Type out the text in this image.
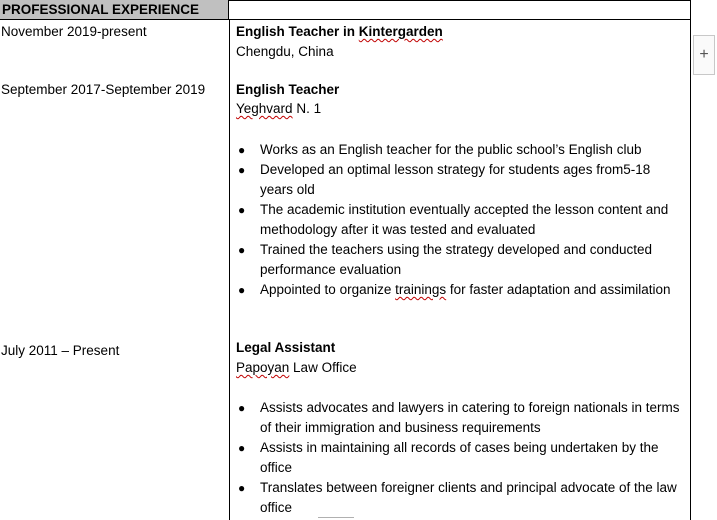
PROFESSIONAL EXPERIENCE
November 2019-present	English Teacher in Kintergarden
Chengdu, China
September 2017-September 2019 English Teacher
Yeghvard N. 1
● Works as an English teacher for the public school’s English club
● Developed an optimal lesson strategy for students ages from5-18 years old
● The academic institution eventually accepted the lesson content and methodology after it was tested and evaluated
● Trained the teachers using the strategy developed and conducted performance evaluation
● Appointed to organize trainings for faster adaptation and assimilation
July 2011 – Present	Legal Assistant
Papoyan Law Office
● Assists advocates and lawyers in catering to foreign nationals in terms of their immigration and business requirements
● Assists in maintaining all records of cases being undertaken by the office
● Translates between foreigner clients and principal advocate of the law office
+
